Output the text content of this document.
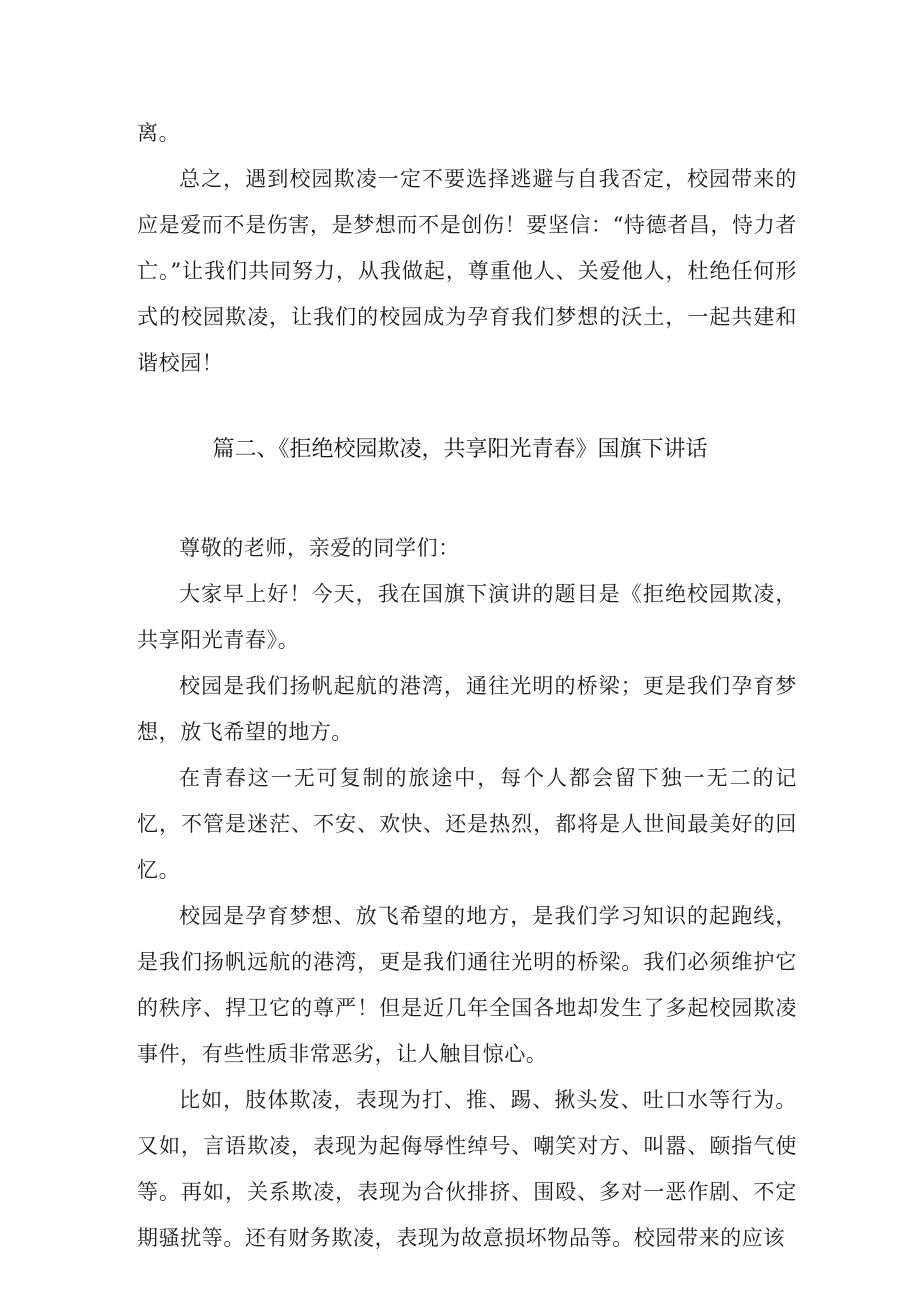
离。

总之，遇到校园欺凌一定不要选择逃避与自我否定，校园带来的应是爱而不是伤害，是梦想而不是创伤！要坚信：“恃德者昌，恃力者亡。”让我们共同努力，从我做起，尊重他人、关爱他人，杜绝任何形式的校园欺凌，让我们的校园成为孕育我们梦想的沃土，一起共建和谐校园！

篇二、《拒绝校园欺凌，共享阳光青春》国旗下讲话

尊敬的老师，亲爱的同学们：

大家早上好！今天，我在国旗下演讲的题目是《拒绝校园欺凌，共享阳光青春》。

校园是我们扬帆起航的港湾，通往光明的桥梁；更是我们孕育梦想，放飞希望的地方。

在青春这一无可复制的旅途中，每个人都会留下独一无二的记忆，不管是迷茫、不安、欢快、还是热烈，都将是人世间最美好的回忆。

校园是孕育梦想、放飞希望的地方，是我们学习知识的起跑线，是我们扬帆远航的港湾，更是我们通往光明的桥梁。我们必须维护它的秩序、捍卫它的尊严！但是近几年全国各地却发生了多起校园欺凌事件，有些性质非常恶劣，让人触目惊心。

比如，肢体欺凌，表现为打、推、踢、揪头发、吐口水等行为。又如，言语欺凌，表现为起侮辱性绰号、嘲笑对方、叫嚣、颐指气使等。再如，关系欺凌，表现为合伙排挤、围殴、多对一恶作剧、不定期骚扰等。还有财务欺凌，表现为故意损坏物品等。校园带来的应该
